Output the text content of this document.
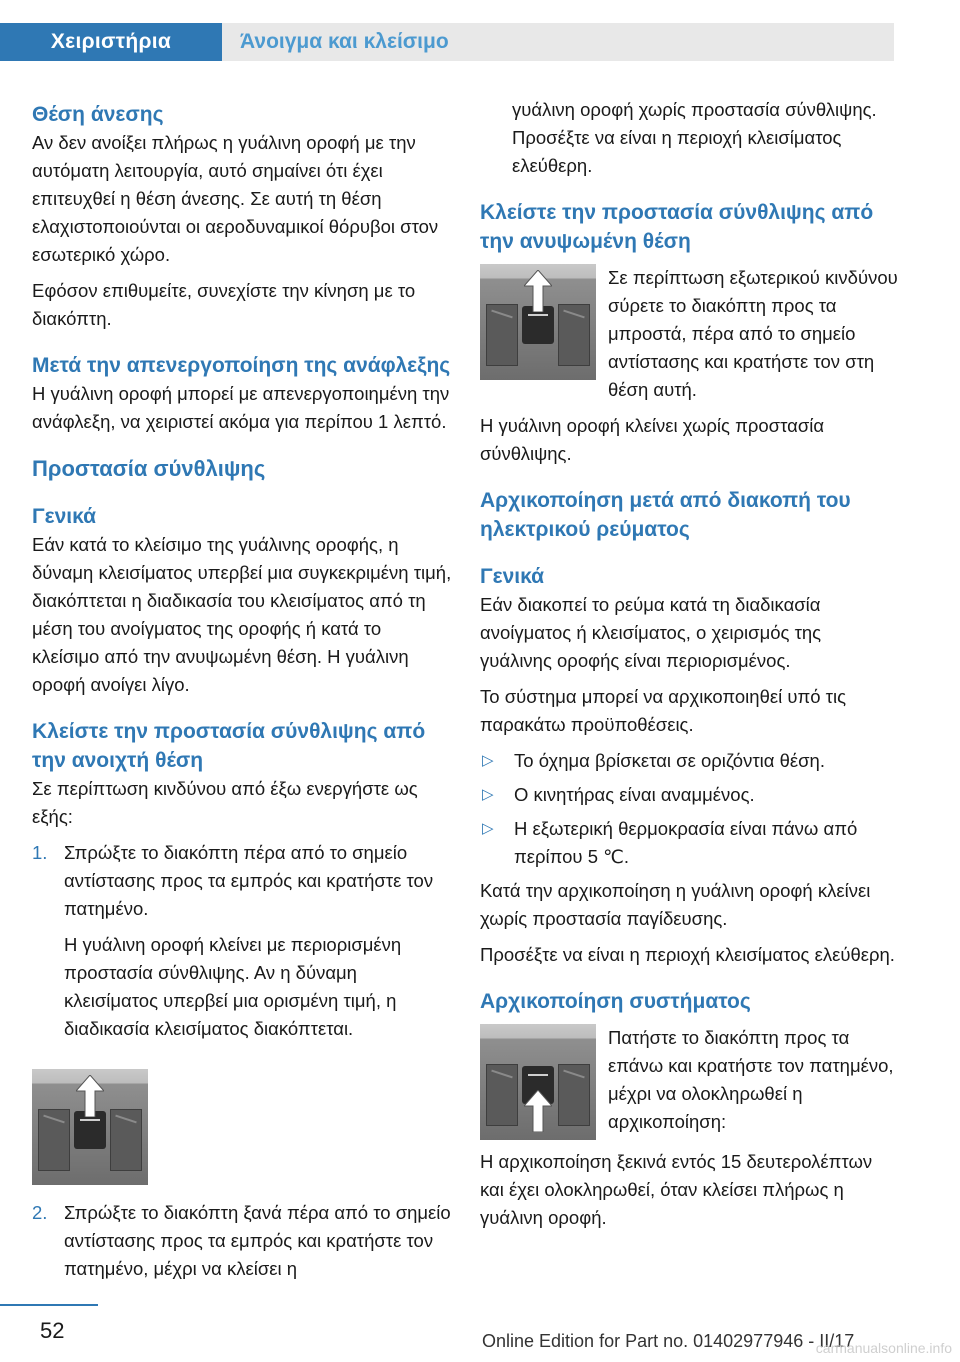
Χειριστήρια	Άνοιγμα και κλείσιμο
Θέση άνεσης

Αν δεν ανοίξει πλήρως η γυάλινη οροφή με την αυτόματη λειτουργία, αυτό σημαίνει ότι έχει επιτευχθεί η θέση άνεσης. Σε αυτή τη θέση ελαχιστοποιούνται οι αεροδυναμικοί θόρυβοι στον εσωτερικό χώρο.

Εφόσον επιθυμείτε, συνεχίστε την κίνηση με το διακόπτη.

Μετά την απενεργοποίηση της ανάφλεξης

Η γυάλινη οροφή μπορεί με απενεργοποιημένη την ανάφλεξη, να χειριστεί ακόμα για περίπου 1 λεπτό.

Προστασία σύνθλιψης
Γενικά

Εάν κατά το κλείσιμο της γυάλινης οροφής, η δύναμη κλεισίματος υπερβεί μια συγκεκριμένη τιμή, διακόπτεται η διαδικασία του κλεισίματος από τη μέση του ανοίγματος της οροφής ή κατά το κλείσιμο από την ανυψωμένη θέση. Η γυάλινη οροφή ανοίγει λίγο.

Κλείστε την προστασία σύνθλιψης από την ανοιχτή θέση

Σε περίπτωση κινδύνου από έξω ενεργήστε ως εξής:

1. Σπρώξτε το διακόπτη πέρα από το σημείο αντίστασης προς τα εμπρός και κρατήστε τον πατημένο.

Η γυάλινη οροφή κλείνει με περιορισμένη προστασία σύνθλιψης. Αν η δύναμη κλεισίματος υπερβεί μια ορισμένη τιμή, η διαδικασία κλεισίματος διακόπτεται.

2. Σπρώξτε το διακόπτη ξανά πέρα από το σημείο αντίστασης προς τα εμπρός και κρατήστε τον πατημένο, μέχρι να κλείσει η

γυάλινη οροφή χωρίς προστασία σύνθλιψης. Προσέξτε να είναι η περιοχή κλεισίματος ελεύθερη.

Κλείστε την προστασία σύνθλιψης από την ανυψωμένη θέση

Σε περίπτωση εξωτερικού κινδύνου σύρετε το διακόπτη προς τα μπροστά, πέρα από το σημείο αντίστασης και κρατήστε τον στη θέση αυτή.

Η γυάλινη οροφή κλείνει χωρίς προστασία σύνθλιψης.

Αρχικοποίηση μετά από διακοπή του ηλεκτρικού ρεύματος
Γενικά

Εάν διακοπεί το ρεύμα κατά τη διαδικασία ανοίγματος ή κλεισίματος, ο χειρισμός της γυάλινης οροφής είναι περιορισμένος.

Το σύστημα μπορεί να αρχικοποιηθεί υπό τις παρακάτω προϋποθέσεις.

▷	Το όχημα βρίσκεται σε οριζόντια θέση.
▷	Ο κινητήρας είναι αναμμένος.
▷	Η εξωτερική θερμοκρασία είναι πάνω από περίπου 5 ℃.

Κατά την αρχικοποίηση η γυάλινη οροφή κλείνει χωρίς προστασία παγίδευσης.

Προσέξτε να είναι η περιοχή κλεισίματος ελεύθερη.

Αρχικοποίηση συστήματος

Πατήστε το διακόπτη προς τα επάνω και κρατήστε τον πατημένο, μέχρι να ολοκληρωθεί η αρχικοποίηση:

Η αρχικοποίηση ξεκινά εντός 15 δευτερολέπτων και έχει ολοκληρωθεί, όταν κλείσει πλήρως η γυάλινη οροφή.

52	Online Edition for Part no. 01402977946 - II/17
carmanualsonline.info
